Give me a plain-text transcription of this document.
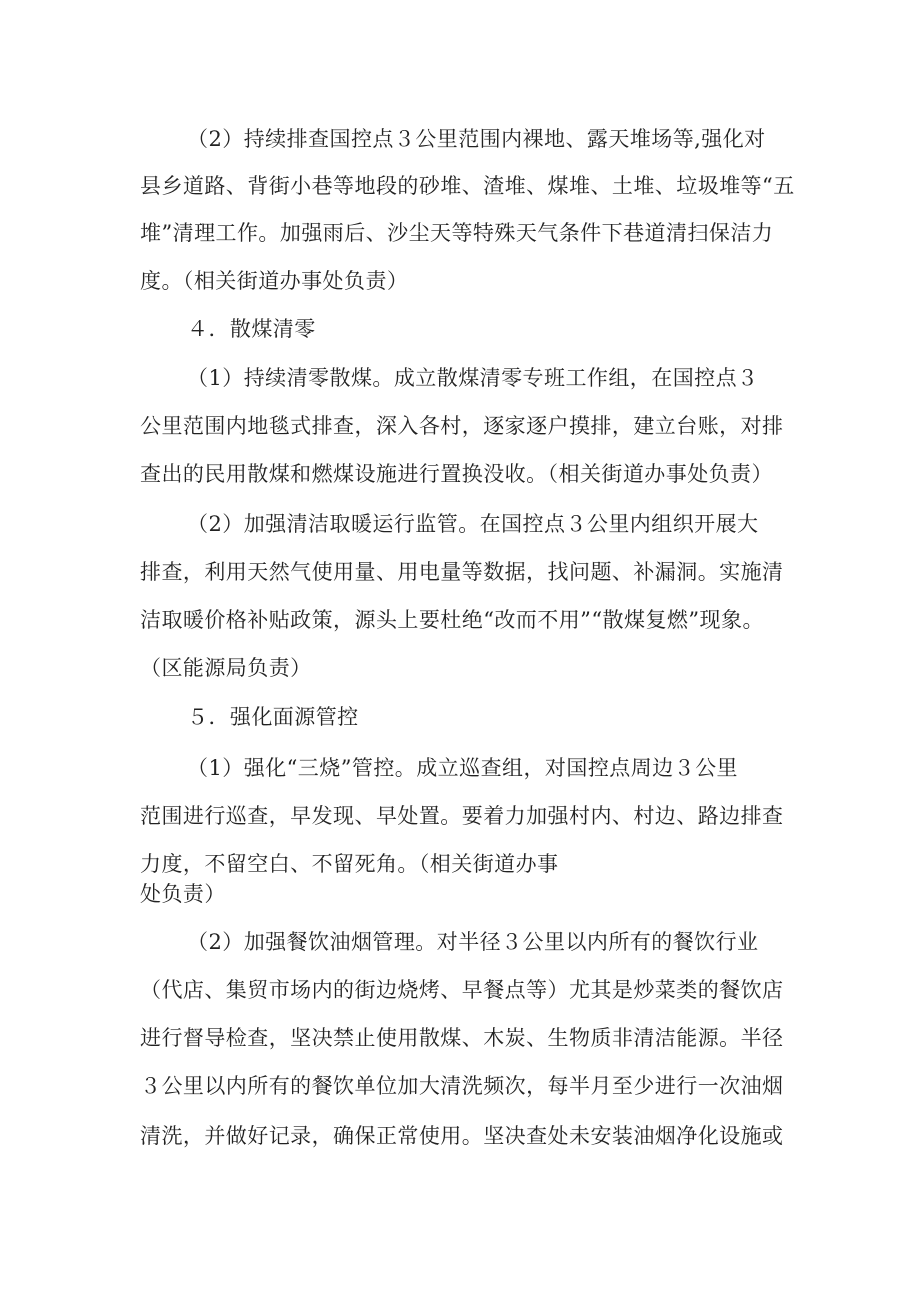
（2）持续排查国控点３公里范围内裸地、露天堆场等,强化对
县乡道路、背街小巷等地段的砂堆、渣堆、煤堆、土堆、垃圾堆等“五
堆”清理工作。加强雨后、沙尘天等特殊天气条件下巷道清扫保洁力
度。（相关街道办事处负责）
４．散煤清零
（1）持续清零散煤。成立散煤清零专班工作组，在国控点３
公里范围内地毯式排查，深入各村，逐家逐户摸排，建立台账，对排
查出的民用散煤和燃煤设施进行置换没收。（相关街道办事处负责）
（2）加强清洁取暖运行监管。在国控点３公里内组织开展大
排查，利用天然气使用量、用电量等数据，找问题、补漏洞。实施清
洁取暖价格补贴政策，源头上要杜绝“改而不用”“散煤复燃”现象。
（区能源局负责）
５．强化面源管控
（1）强化“三烧”管控。成立巡查组，对国控点周边３公里
范围进行巡查，早发现、早处置。要着力加强村内、村边、路边排查
力度，不留空白、不留死角。（相关街道办事
处负责）
（2）加强餐饮油烟管理。对半径３公里以内所有的餐饮行业
（代店、集贸市场内的街边烧烤、早餐点等）尤其是炒菜类的餐饮店
进行督导检查，坚决禁止使用散煤、木炭、生物质非清洁能源。半径
３公里以内所有的餐饮单位加大清洗频次，每半月至少进行一次油烟
清洗，并做好记录，确保正常使用。坚决查处未安装油烟净化设施或
